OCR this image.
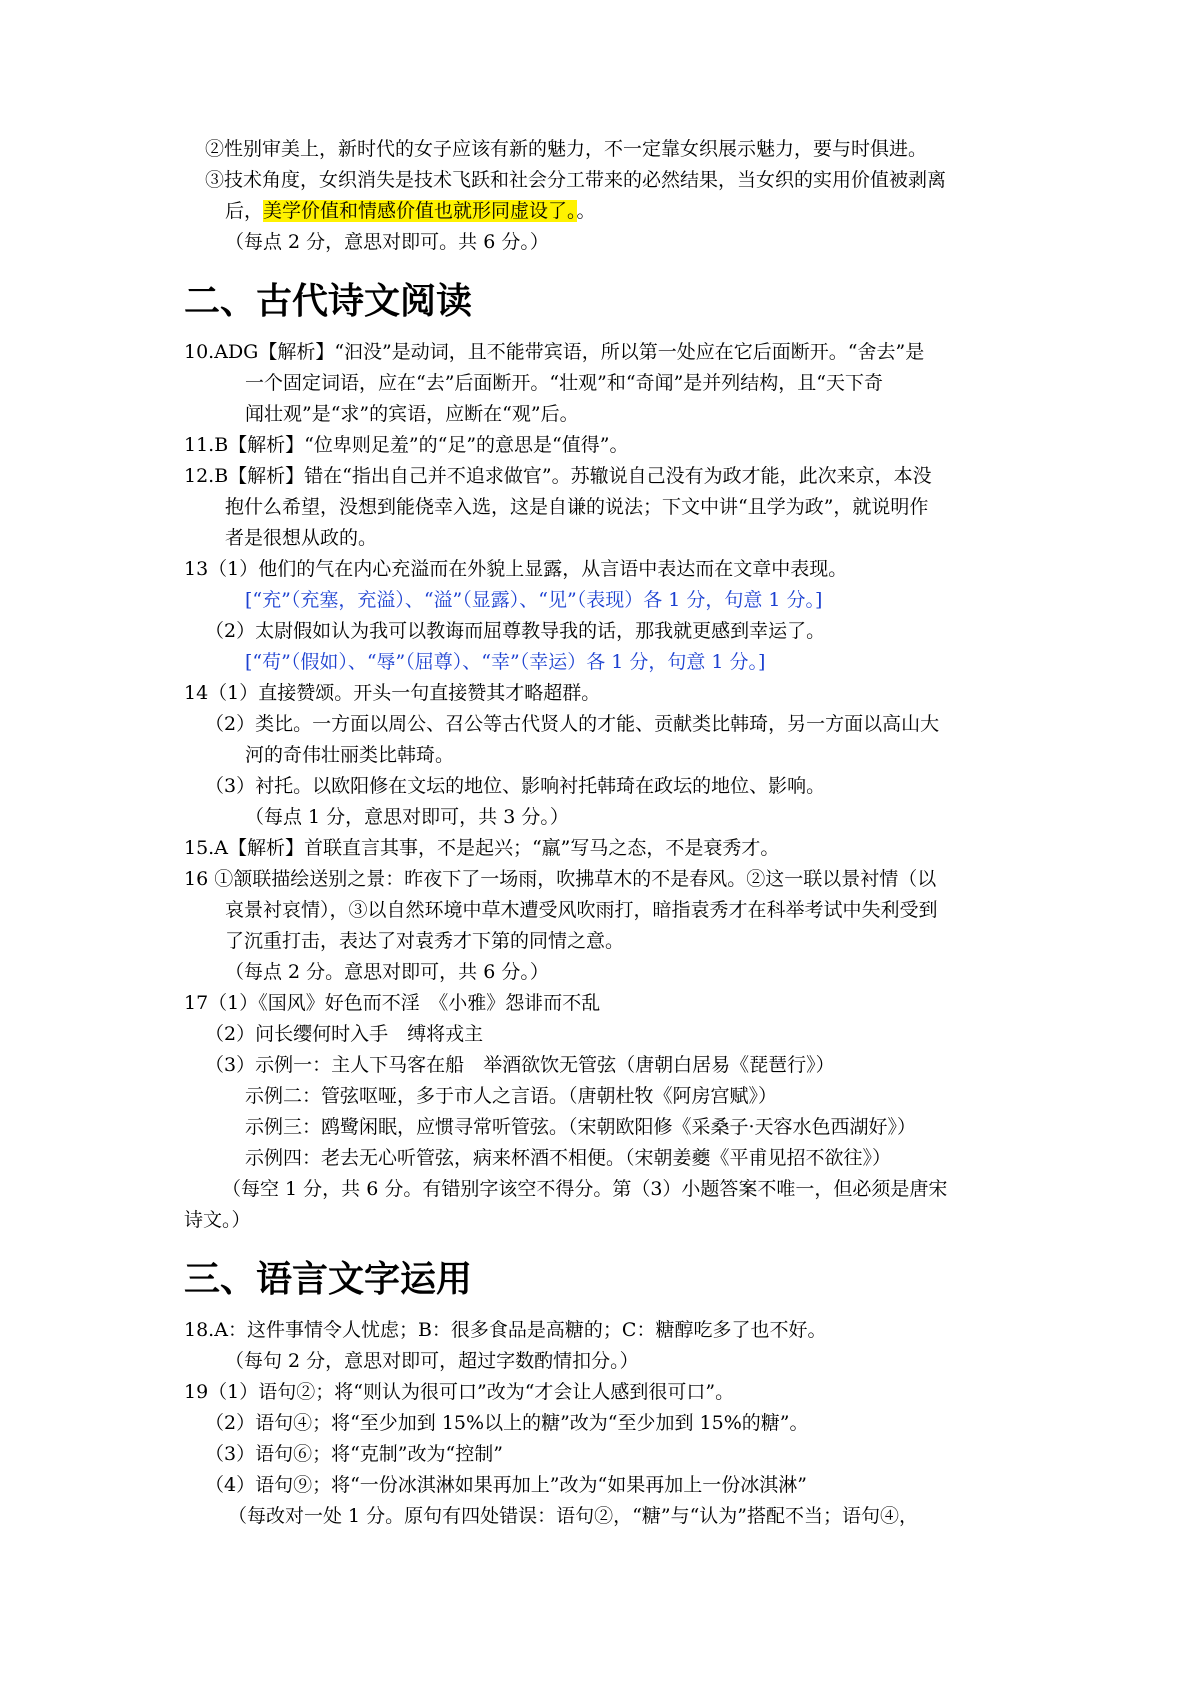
②性别审美上，新时代的女子应该有新的魅力，不一定靠女织展示魅力，要与时俱进。
③技术角度，女织消失是技术飞跃和社会分工带来的必然结果，当女织的实用价值被剥离
后，美学价值和情感价值也就形同虚设了。。
（每点 2 分，意思对即可。共 6 分。）
二、古代诗文阅读
10.ADG【解析】“汩没”是动词，且不能带宾语，所以第一处应在它后面断开。“舍去”是
一个固定词语，应在“去”后面断开。“壮观”和“奇闻”是并列结构，且“天下奇
闻壮观”是“求”的宾语，应断在“观”后。
11.B【解析】“位卑则足羞”的“足”的意思是“值得”。
12.B【解析】错在“指出自己并不追求做官”。苏辙说自己没有为政才能，此次来京，本没
抱什么希望，没想到能侥幸入选，这是自谦的说法；下文中讲“且学为政”，就说明作
者是很想从政的。
13（1）他们的气在内心充溢而在外貌上显露，从言语中表达而在文章中表现。
[“充”（充塞，充溢）、“溢”（显露）、“见”（表现）各 1 分，句意 1 分。]
（2）太尉假如认为我可以教诲而屈尊教导我的话，那我就更感到幸运了。
[“苟”（假如）、“辱”（屈尊）、“幸”（幸运）各 1 分，句意 1 分。]
14（1）直接赞颂。开头一句直接赞其才略超群。
（2）类比。一方面以周公、召公等古代贤人的才能、贡献类比韩琦，另一方面以高山大
河的奇伟壮丽类比韩琦。
（3）衬托。以欧阳修在文坛的地位、影响衬托韩琦在政坛的地位、影响。
（每点 1 分，意思对即可，共 3 分。）
15.A【解析】首联直言其事，不是起兴；“羸”写马之态，不是衰秀才。
16 ①颔联描绘送别之景：昨夜下了一场雨，吹拂草木的不是春风。②这一联以景衬情（以
哀景衬哀情），③以自然环境中草木遭受风吹雨打，暗指袁秀才在科举考试中失利受到
了沉重打击，表达了对袁秀才下第的同情之意。
（每点 2 分。意思对即可，共 6 分。）
17（1）《国风》好色而不淫　《小雅》怨诽而不乱
（2）问长缨何时入手　缚将戎主
（3）示例一：主人下马客在船　举酒欲饮无管弦（唐朝白居易《琵琶行》）
示例二：管弦呕哑，多于市人之言语。（唐朝杜牧《阿房宫赋》）
示例三：鸥鹭闲眠，应惯寻常听管弦。（宋朝欧阳修《采桑子·天容水色西湖好》）
示例四：老去无心听管弦，病来杯酒不相便。（宋朝姜夔《平甫见招不欲往》）
（每空 1 分，共 6 分。有错别字该空不得分。第（3）小题答案不唯一，但必须是唐宋
诗文。）
三、语言文字运用
18.A：这件事情令人忧虑；B：很多食品是高糖的；C：糖醇吃多了也不好。
（每句 2 分，意思对即可，超过字数酌情扣分。）
19（1）语句②；将“则认为很可口”改为“才会让人感到很可口”。
（2）语句④；将“至少加到 15%以上的糖”改为“至少加到 15%的糖”。
（3）语句⑥；将“克制”改为“控制”
（4）语句⑨；将“一份冰淇淋如果再加上”改为“如果再加上一份冰淇淋”
（每改对一处 1 分。原句有四处错误：语句②，“糖”与“认为”搭配不当；语句④，
